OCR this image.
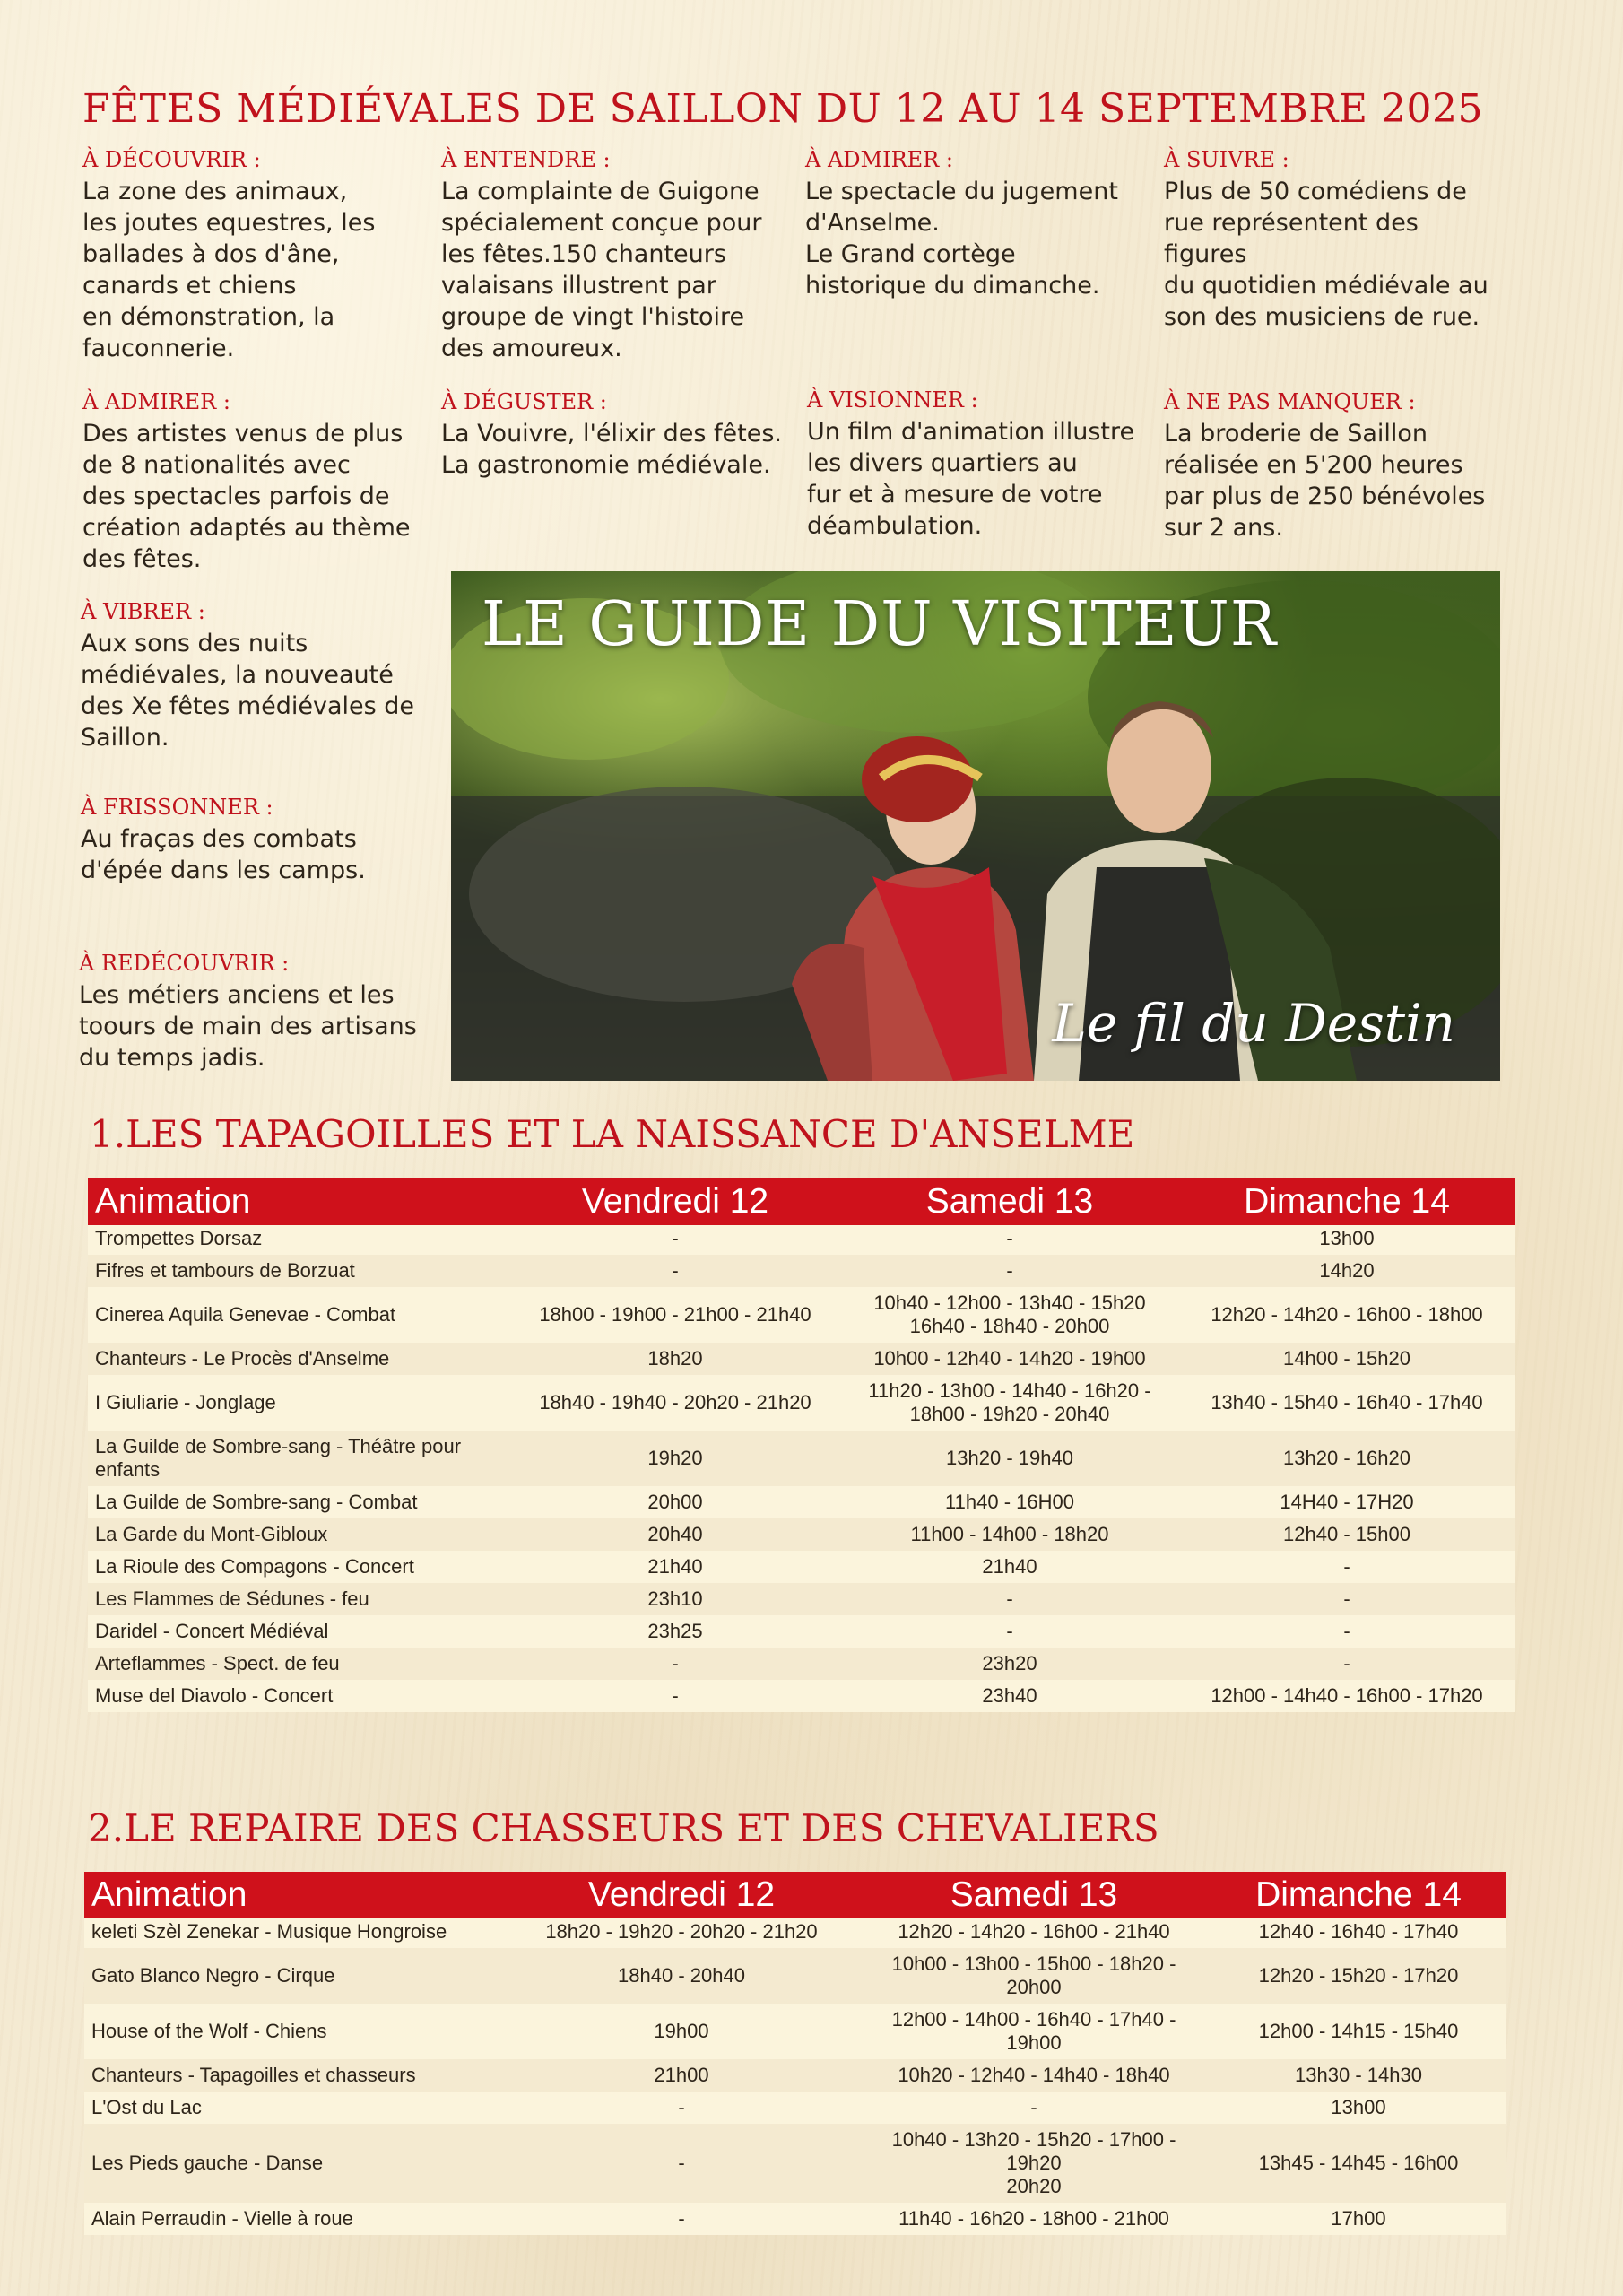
FÊTES MÉDIÉVALES DE SAILLON DU 12 AU 14 SEPTEMBRE 2025

À DÉCOUVRIR :

La zone des animaux,
les joutes equestres, les
ballades à dos d'âne,
canards et chiens
en démonstration, la
fauconnerie.

À ENTENDRE :

La complainte de Guigone
spécialement conçue pour
les fêtes.150 chanteurs
valaisans illustrent par
groupe de vingt l'histoire
des amoureux.

À ADMIRER :

Le spectacle du jugement
d'Anselme.
Le Grand cortège
historique du dimanche.

À SUIVRE :

Plus de 50 comédiens de
rue représentent des figures
du quotidien médiévale au
son des musiciens de rue.

À ADMIRER :

Des artistes venus de plus
de 8 nationalités avec
des spectacles parfois de
création adaptés au thème
des fêtes.

À DÉGUSTER :

La Vouivre, l'élixir des fêtes.
La gastronomie médiévale.

À VISIONNER :

Un film d'animation illustre
les divers quartiers au
fur et à mesure de votre
déambulation.

À NE PAS MANQUER :

La broderie de Saillon
réalisée en 5'200 heures
par plus de 250 bénévoles
sur 2 ans.

À VIBRER :

Aux sons des nuits
médiévales, la nouveauté
des Xe fêtes médiévales de
Saillon.

À FRISSONNER :

Au fraças des combats
d'épée dans les camps.

À REDÉCOUVRIR :

Les métiers anciens et les
toours de main des artisans
du temps jadis.

LE GUIDE DU VISITEUR

Le fil du Destin

1.LES TAPAGOILLES ET LA NAISSANCE D'ANSELME
Animation	Vendredi 12	Samedi 13	Dimanche 14
Trompettes Dorsaz	-	-	13h00
Fifres et tambours de Borzuat	-	-	14h20
Cinerea Aquila Genevae - Combat	18h00 - 19h00 - 21h00 - 21h40	10h40 - 12h00 - 13h40 - 15h20
16h40 - 18h40 - 20h00	12h20 - 14h20 - 16h00 - 18h00
Chanteurs - Le Procès d'Anselme	18h20	10h00 - 12h40 - 14h20 - 19h00	14h00 - 15h20
I Giuliarie - Jonglage	18h40 - 19h40 - 20h20 - 21h20	11h20 - 13h00 - 14h40 - 16h20 -
18h00 - 19h20 - 20h40	13h40 - 15h40 - 16h40 - 17h40
La Guilde de Sombre-sang - Théâtre pour
enfants	19h20	13h20 - 19h40	13h20 - 16h20
La Guilde de Sombre-sang - Combat	20h00	11h40 - 16H00	14H40 - 17H20
La Garde du Mont-Gibloux	20h40	11h00 - 14h00 - 18h20	12h40 - 15h00
La Rioule des Compagons - Concert	21h40	21h40	-
Les Flammes de Sédunes - feu	23h10	-	-
Daridel - Concert Médiéval	23h25	-	-
Arteflammes - Spect. de feu	-	23h20	-
Muse del Diavolo - Concert	-	23h40	12h00 - 14h40 - 16h00 - 17h20
2.LE REPAIRE DES CHASSEURS ET DES CHEVALIERS
Animation	Vendredi 12	Samedi 13	Dimanche 14
keleti Szèl Zenekar - Musique Hongroise	18h20 - 19h20 - 20h20 - 21h20	12h20 - 14h20 - 16h00 - 21h40	12h40 - 16h40 - 17h40
Gato Blanco Negro - Cirque	18h40 - 20h40	10h00 - 13h00 - 15h00 - 18h20 - 20h00	12h20 - 15h20 - 17h20
House of the Wolf - Chiens	19h00	12h00 - 14h00 - 16h40 - 17h40 - 19h00	12h00 - 14h15 - 15h40
Chanteurs - Tapagoilles et chasseurs	21h00	10h20 - 12h40 - 14h40 - 18h40	13h30 - 14h30
L'Ost du Lac	-	-	13h00
Les Pieds gauche - Danse	-	10h40 - 13h20 - 15h20 - 17h00 - 19h20
20h20	13h45 - 14h45 - 16h00
Alain Perraudin - Vielle à roue	-	11h40 - 16h20 - 18h00 - 21h00	17h00
